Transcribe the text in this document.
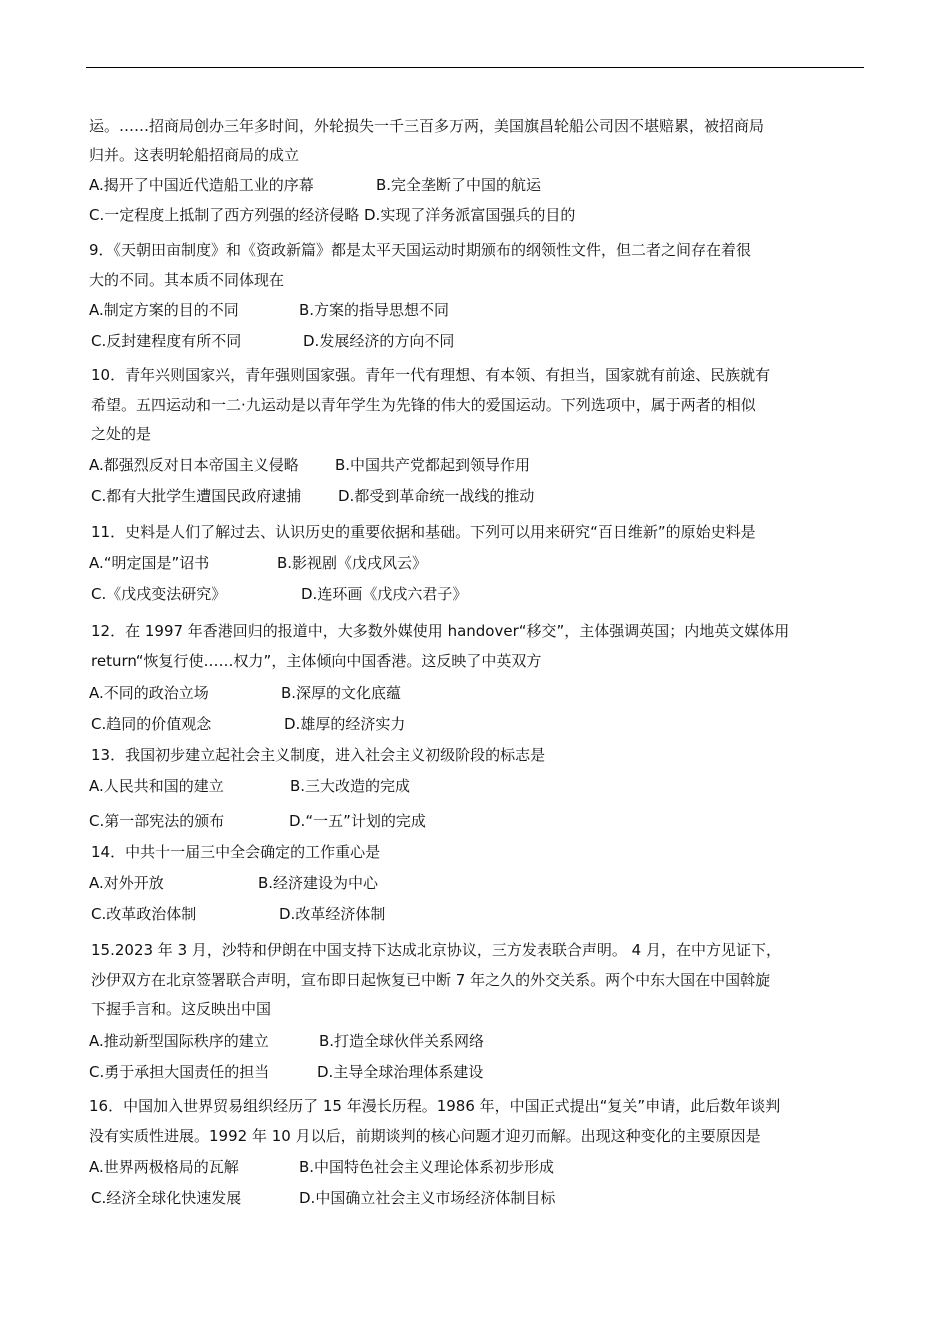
运。……招商局创办三年多时间，外轮损失一千三百多万两，美国旗昌轮船公司因不堪赔累，被招商局
归并。这表明轮船招商局的成立
A.揭开了中国近代造船工业的序幕	B.完全垄断了中国的航运
C.一定程度上抵制了西方列强的经济侵略 D.实现了洋务派富国强兵的目的
9．《天朝田亩制度》和《资政新篇》都是太平天国运动时期颁布的纲领性文件，但二者之间存在着很
大的不同。其本质不同体现在
A.制定方案的目的不同	B.方案的指导思想不同
C.反封建程度有所不同	D.发展经济的方向不同
10．青年兴则国家兴，青年强则国家强。青年一代有理想、有本领、有担当，国家就有前途、民族就有
希望。五四运动和一二·九运动是以青年学生为先锋的伟大的爱国运动。下列选项中，属于两者的相似
之处的是
A.都强烈反对日本帝国主义侵略 B.中国共产党都起到领导作用
C.都有大批学生遭国民政府逮捕 D.都受到革命统一战线的推动
11．史料是人们了解过去、认识历史的重要依据和基础。下列可以用来研究“百日维新”的原始史料是
A.“明定国是”诏书	B.影视剧《戊戌风云》
C.《戊戌变法研究》	D.连环画《戊戌六君子》
12．在 1997 年香港回归的报道中，大多数外媒使用 handover“移交”，主体强调英国；内地英文媒体用
return“恢复行使……权力”，主体倾向中国香港。这反映了中英双方
A.不同的政治立场	B.深厚的文化底蕴
C.趋同的价值观念	D.雄厚的经济实力
13．我国初步建立起社会主义制度，进入社会主义初级阶段的标志是
A.人民共和国的建立	B.三大改造的完成
C.第一部宪法的颁布	D.“一五”计划的完成
14．中共十一届三中全会确定的工作重心是
A.对外开放	B.经济建设为中心
C.改革政治体制	D.改革经济体制
15.2023 年 3 月，沙特和伊朗在中国支持下达成北京协议，三方发表联合声明。 4 月，在中方见证下，
沙伊双方在北京签署联合声明，宣布即日起恢复已中断 7 年之久的外交关系。两个中东大国在中国斡旋
下握手言和。这反映出中国
A.推动新型国际秩序的建立	B.打造全球伙伴关系网络
C.勇于承担大国责任的担当	D.主导全球治理体系建设
16．中国加入世界贸易组织经历了 15 年漫长历程。1986 年，中国正式提出“复关”申请，此后数年谈判
没有实质性进展。1992 年 10 月以后，前期谈判的核心问题才迎刃而解。出现这种变化的主要原因是
A.世界两极格局的瓦解	B.中国特色社会主义理论体系初步形成
C.经济全球化快速发展	D.中国确立社会主义市场经济体制目标
